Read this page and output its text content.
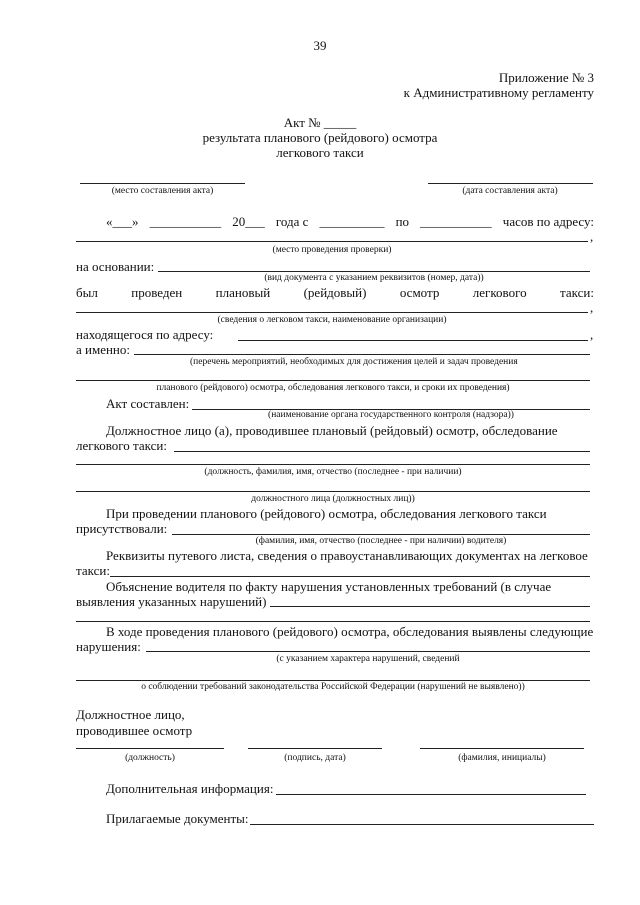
39
Приложение № 3
к Административному регламенту
Акт № _____
результата планового (рейдового) осмотра
легкового такси
(место составления акта)	(дата составления акта)
«___» ___________ 20___ года с __________ по ___________ часов по адресу:
,
(место проведения проверки)
на основании:
(вид документа с указанием реквизитов (номер, дата))
был	проведен	плановый	(рейдовый)	осмотр	легкового	такси:
,
(сведения о легковом такси, наименование организации)
находящегося по адресу:	,
а именно:
(перечень мероприятий, необходимых для достижения целей и задач проведения
планового (рейдового) осмотра, обследования легкового такси, и сроки их проведения)
Акт составлен:
(наименование органа государственного контроля (надзора))
Должностное лицо (а), проводившее плановый (рейдовый) осмотр, обследование
легкового такси:
(должность, фамилия, имя, отчество (последнее - при наличии)
должностного лица (должностных лиц))
При проведении планового (рейдового) осмотра, обследования легкового такси
присутствовали:
(фамилия, имя, отчество (последнее - при наличии) водителя)
Реквизиты путевого листа, сведения о правоустанавливающих документах на легковое
такси:
Объяснение водителя по факту нарушения установленных требований (в случае
выявления указанных нарушений)
В ходе проведения планового (рейдового) осмотра, обследования выявлены следующие
нарушения:
(с указанием характера нарушений, сведений
о соблюдении требований законодательства Российской Федерации (нарушений не выявлено))
Должностное лицо,
проводившее осмотр
(должность)	(подпись, дата)	(фамилия, инициалы)
Дополнительная информация:
Прилагаемые документы:
